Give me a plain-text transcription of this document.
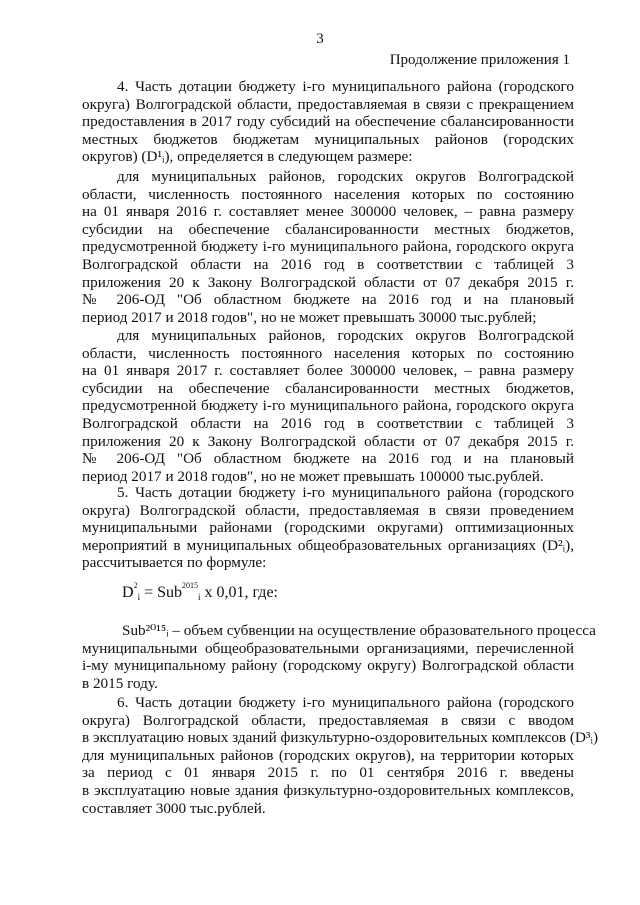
3
Продолжение приложения 1
4. Часть дотации бюджету i-го муниципального района (городского
округа) Волгоградской области, предоставляемая в связи с прекращением
предоставления в 2017 году субсидий на обеспечение сбалансированности
местных бюджетов бюджетам муниципальных районов (городских
округов) (D¹ᵢ), определяется в следующем размере:
для муниципальных районов, городских округов Волгоградской
области, численность постоянного населения которых по состоянию
на 01 января 2016 г. составляет менее 300000 человек, – равна размеру
субсидии на обеспечение сбалансированности местных бюджетов,
предусмотренной бюджету i-го муниципального района, городского округа
Волгоградской области на 2016 год в соответствии с таблицей 3
приложения 20 к Закону Волгоградской области от 07 декабря 2015 г.
№ 206-ОД "Об областном бюджете на 2016 год и на плановый
период 2017 и 2018 годов", но не может превышать 30000 тыс.рублей;
для муниципальных районов, городских округов Волгоградской
области, численность постоянного населения которых по состоянию
на 01 января 2017 г. составляет более 300000 человек, – равна размеру
субсидии на обеспечение сбалансированности местных бюджетов,
предусмотренной бюджету i-го муниципального района, городского округа
Волгоградской области на 2016 год в соответствии с таблицей 3
приложения 20 к Закону Волгоградской области от 07 декабря 2015 г.
№ 206-ОД "Об областном бюджете на 2016 год и на плановый
период 2017 и 2018 годов", но не может превышать 100000 тыс.рублей.
5. Часть дотации бюджету i-го муниципального района (городского
округа) Волгоградской области, предоставляемая в связи проведением
муниципальными районами (городскими округами) оптимизационных
мероприятий в муниципальных общеобразовательных организациях (D²ᵢ),
рассчитывается по формуле:
$D^2i = Sub^{2015}i$ x 0,01, где:
Sub²⁰¹⁵ᵢ – объем субвенции на осуществление образовательного процесса
муниципальными общеобразовательными организациями, перечисленной
i-му муниципальному району (городскому округу) Волгоградской области
в 2015 году.
6. Часть дотации бюджету i-го муниципального района (городского
округа) Волгоградской области, предоставляемая в связи с вводом
в эксплуатацию новых зданий физкультурно-оздоровительных комплексов (D³ᵢ)
для муниципальных районов (городских округов), на территории которых
за период с 01 января 2015 г. по 01 сентября 2016 г. введены
в эксплуатацию новые здания физкультурно-оздоровительных комплексов,
составляет 3000 тыс.рублей.
